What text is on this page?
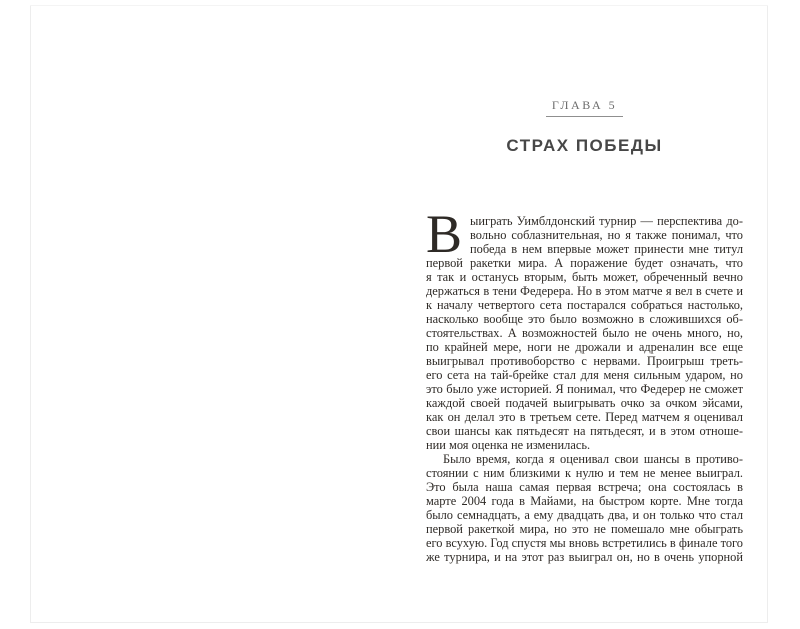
ГЛАВА 5
СТРАХ ПОБЕДЫ
В ыиграть Уимблдонский турнир — перспектива до-
вольно соблазнительная, но я также понимал, что
победа в нем впервые может принести мне титул
первой ракетки мира. А поражение будет означать, что
я так и останусь вторым, быть может, обреченный вечно
держаться в тени Федерера. Но в этом матче я вел в счете и
к началу четвертого сета постарался собраться настолько,
насколько вообще это было возможно в сложившихся об-
стоятельствах. А возможностей было не очень много, но,
по крайней мере, ноги не дрожали и адреналин все еще
выигрывал противоборство с нервами. Проигрыш треть-
его сета на тай-брейке стал для меня сильным ударом, но
это было уже историей. Я понимал, что Федерер не сможет
каждой своей подачей выигрывать очко за очком эйсами,
как он делал это в третьем сете. Перед матчем я оценивал
свои шансы как пятьдесят на пятьдесят, и в этом отноше-
нии моя оценка не изменилась.
Было время, когда я оценивал свои шансы в противо-
стоянии с ним близкими к нулю и тем не менее выиграл.
Это была наша самая первая встреча; она состоялась в
марте 2004 года в Майами, на быстром корте. Мне тогда
было семнадцать, а ему двадцать два, и он только что стал
первой ракеткой мира, но это не помешало мне обыграть
его всухую. Год спустя мы вновь встретились в финале того
же турнира, и на этот раз выиграл он, но в очень упорной
